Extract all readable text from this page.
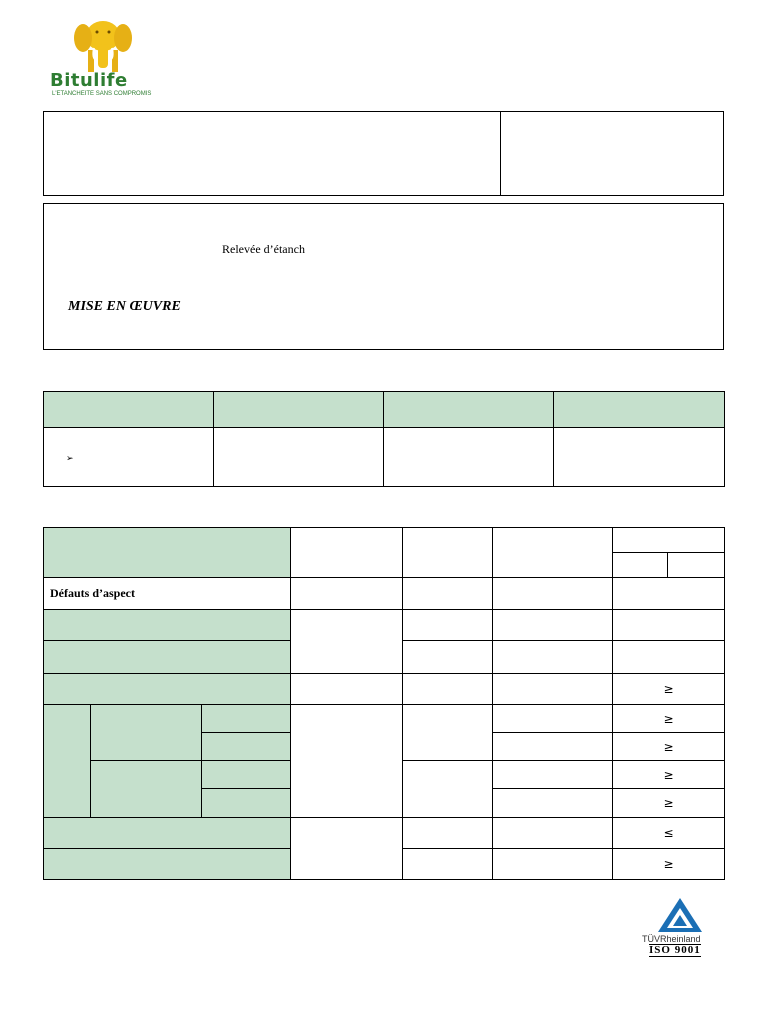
Bitulife
L'ETANCHEITE SANS COMPROMIS
Relevée d’étanch
MISE EN ŒUVRE

➢			

Défauts d’aspect							

						≥	
						≥	
						≥	
						≥	
						≥	
						≤	
						≥	
TÜVRheinland
ISO 9001
